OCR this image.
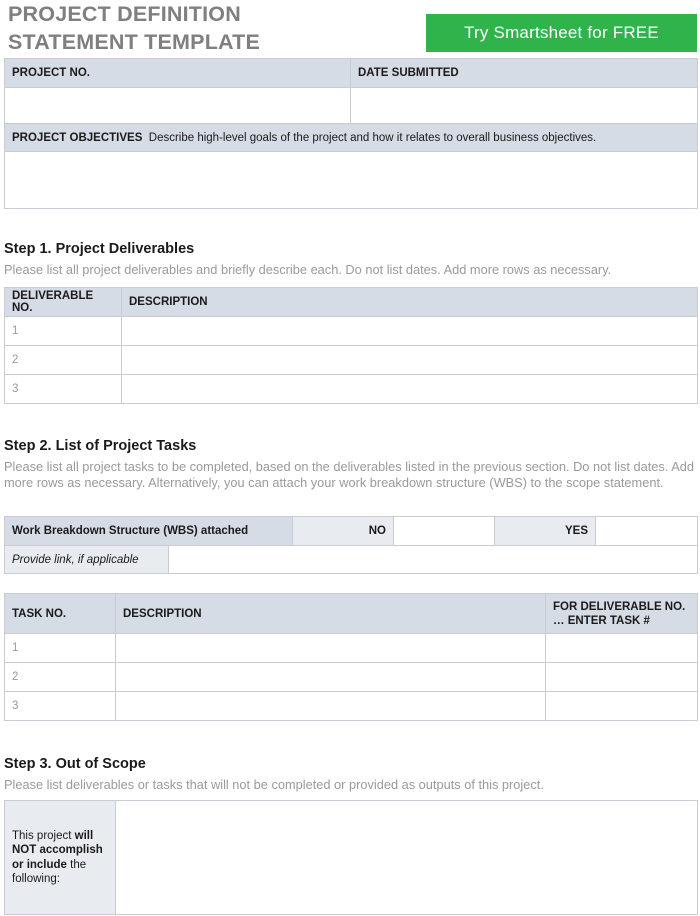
PROJECT DEFINITION
STATEMENT TEMPLATE	Try Smartsheet for FREE
PROJECT NO.	DATE SUBMITTED

PROJECT OBJECTIVES Describe high-level goals of the project and how it relates to overall business objectives.	

Step 1. Project Deliverables
Please list all project deliverables and briefly describe each. Do not list dates. Add more rows as necessary.
DELIVERABLE NO.	DESCRIPTION
1	
2	
3	
Step 2. List of Project Tasks
Please list all project tasks to be completed, based on the deliverables listed in the previous section. Do not list dates. Add more rows as necessary. Alternatively, you can attach your work breakdown structure (WBS) to the scope statement.
Work Breakdown Structure (WBS) attached		NO		YES	
Provide link, if applicable					
TASK NO.	DESCRIPTION	FOR DELIVERABLE NO. … ENTER TASK #
1		
2		
3		
Step 3. Out of Scope
Please list deliverables or tasks that will not be completed or provided as outputs of this project.
This project will NOT accomplish or include the following:	
